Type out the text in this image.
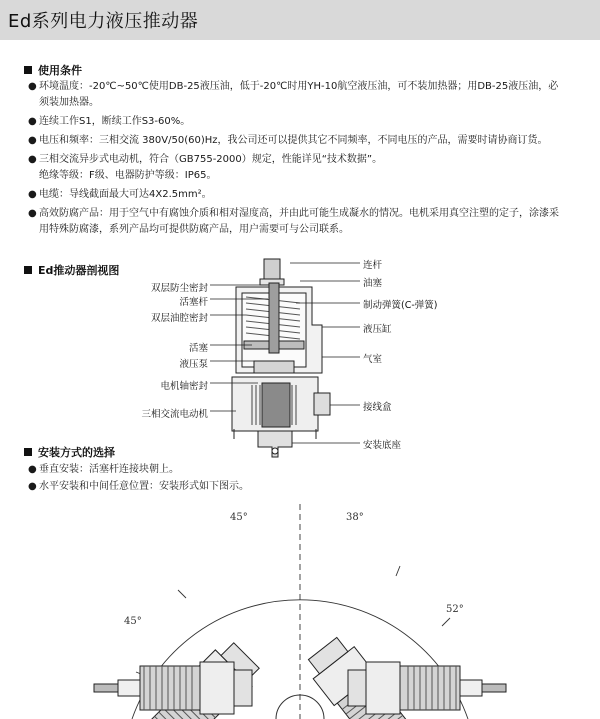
Ed系列电力液压推动器
使用条件
● 环境温度：-20℃~50℃使用DB-25液压油，低于-20℃时用YH-10航空液压油，可不装加热器；用DB-25液压油，必
须装加热器。
● 连续工作S1，断续工作S3-60%。
● 电压和频率：三相交流 380V/50(60)Hz，我公司还可以提供其它不同频率，不同电压的产品，需要时请协商订货。
● 三相交流异步式电动机，符合（GB755-2000）规定，性能详见“技术数据”。
绝缘等级：F级、电器防护等级：IP65。
● 电缆：导线截面最大可达4X2.5mm²。
● 高效防腐产品：用于空气中有腐蚀介质和相对湿度高，并由此可能生成凝水的情况。电机采用真空注塑的定子，涂漆采
用特殊防腐漆，系列产品均可提供防腐产品，用户需要可与公司联系。
Ed推动器剖视图
双层防尘密封
活塞杆
双层油腔密封
活塞
液压泵
电机轴密封
三相交流电动机
连杆
油塞
制动弹簧(C-弹簧)
液压缸
气室
接线盒
安装底座
安装方式的选择
● 垂直安装：活塞杆连接块朝上。
● 水平安装和中间任意位置：安装形式如下图示。
45°	38°
45°
52°
